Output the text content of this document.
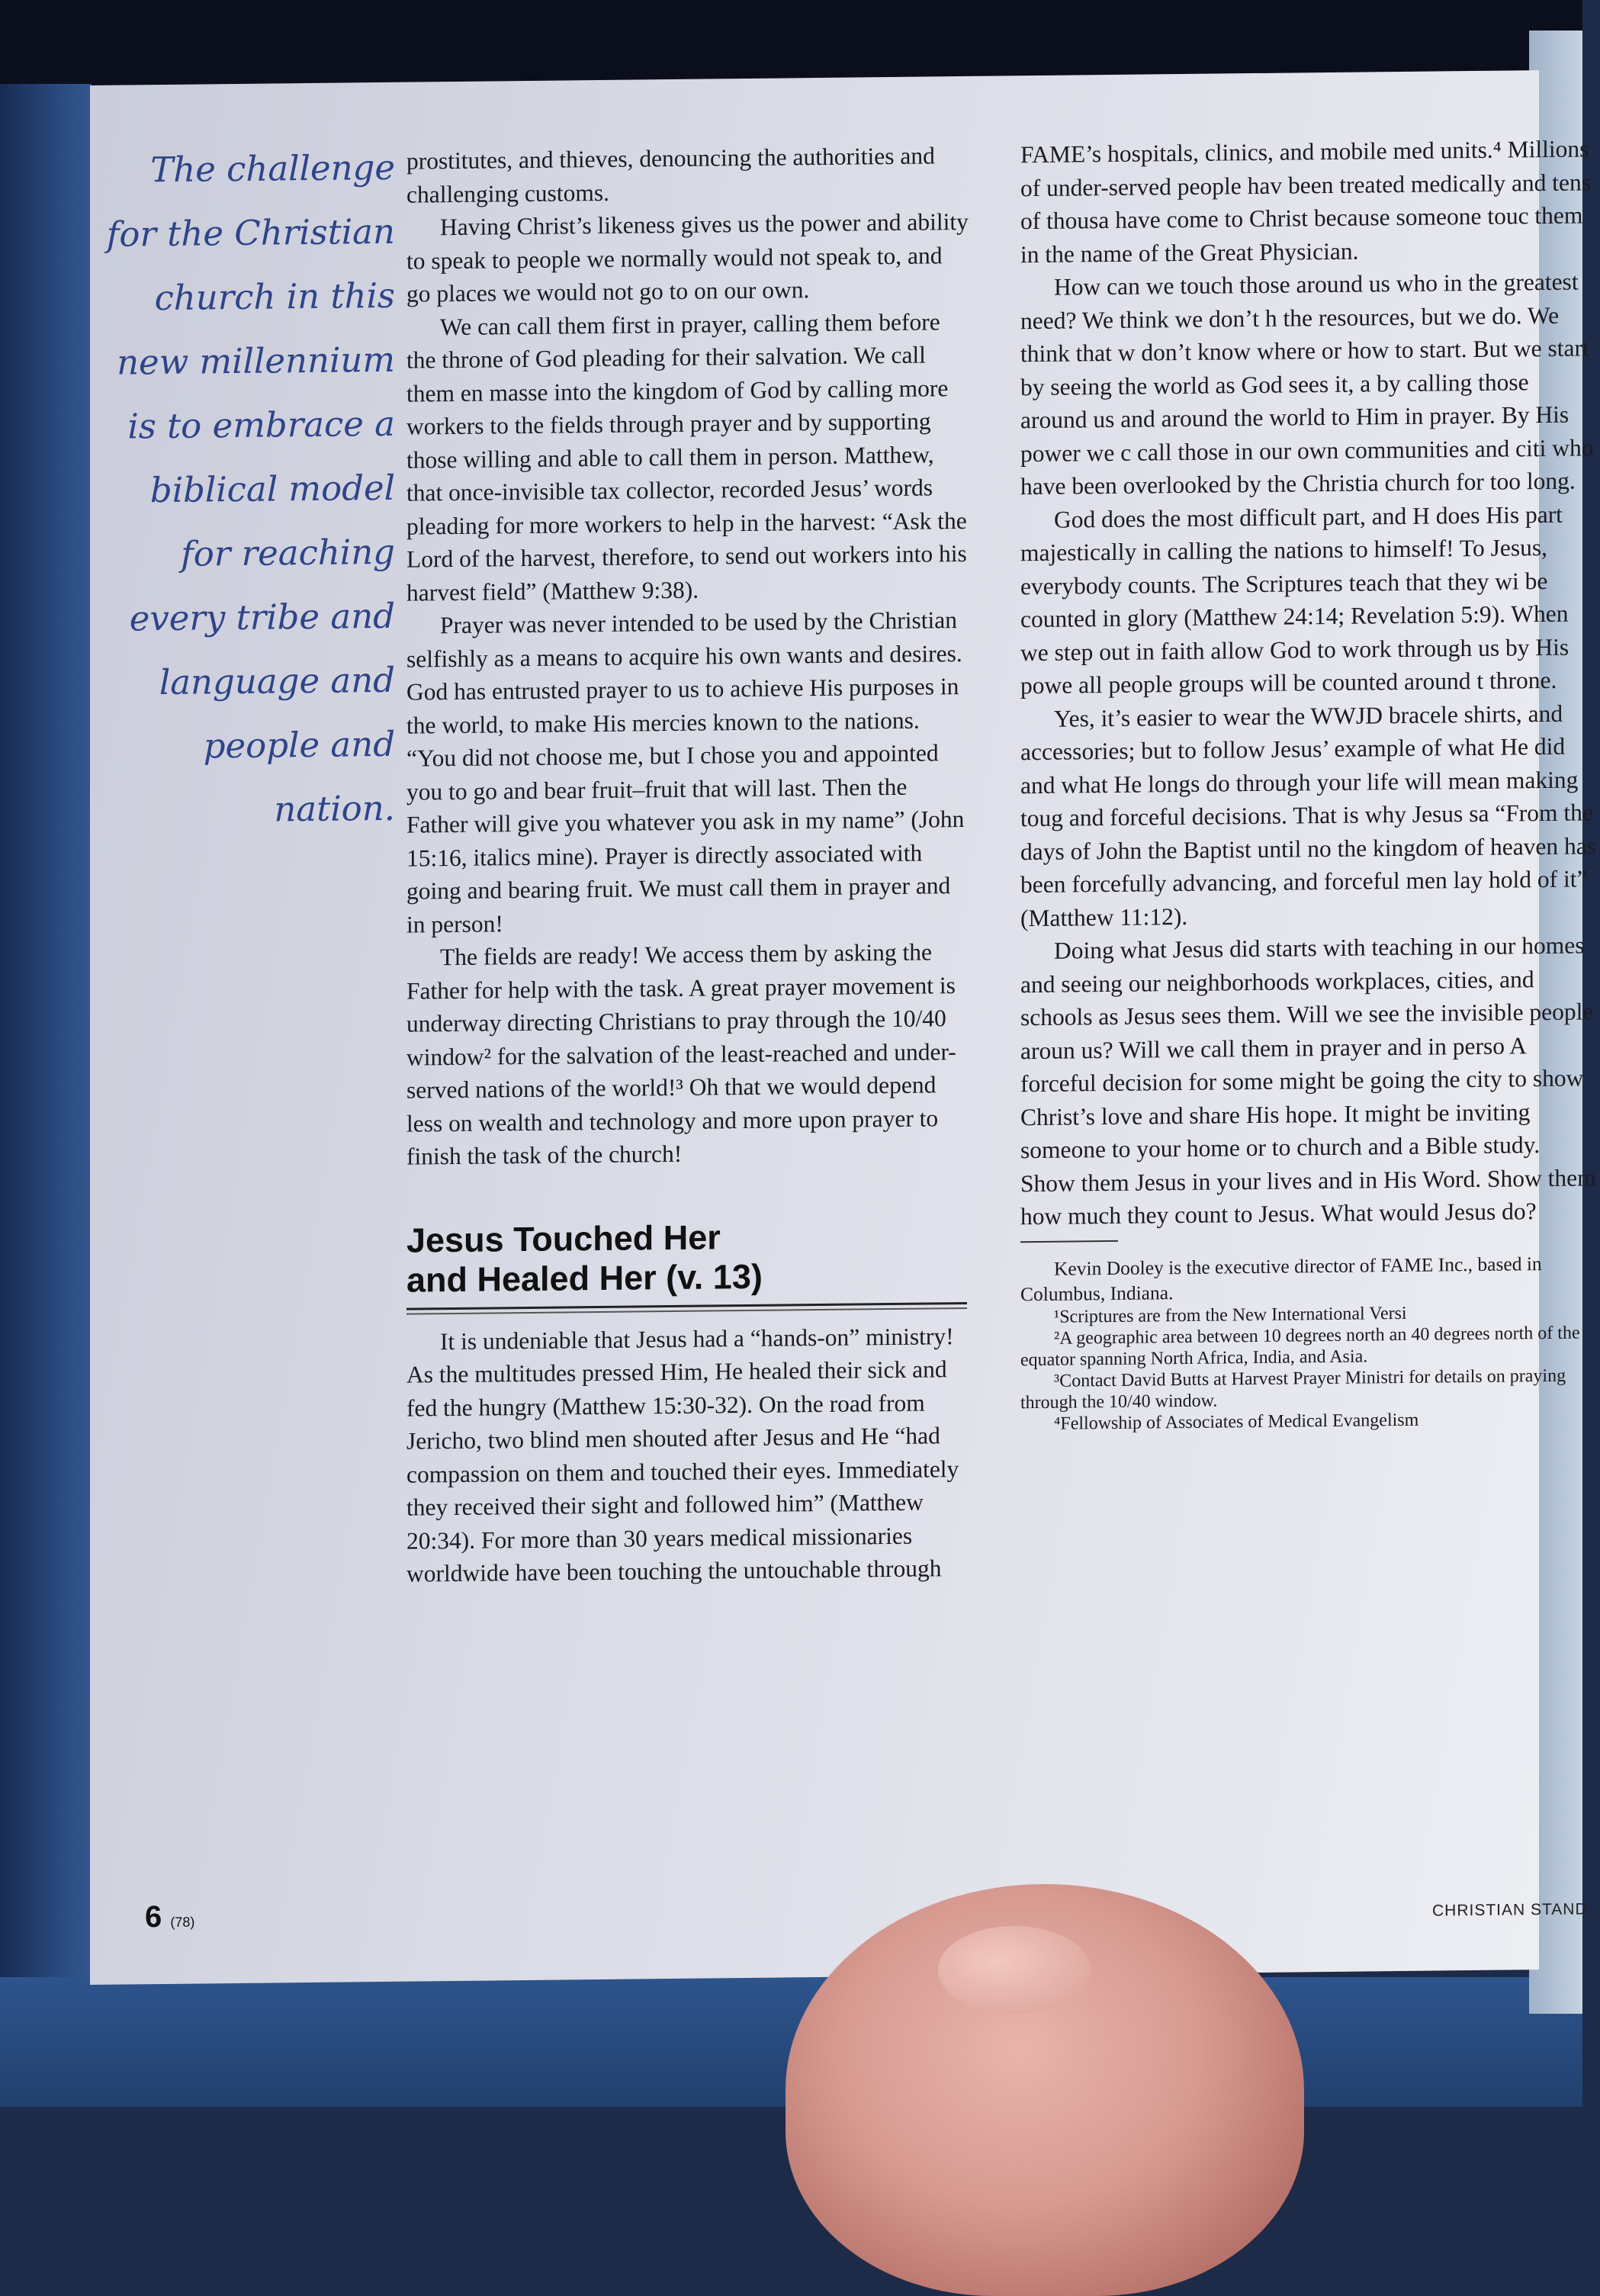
The challenge for the Christian church in this new millennium is to embrace a biblical model for reaching every tribe and language and people and nation.

prostitutes, and thieves, denouncing the authorities and challenging customs.

Having Christ’s likeness gives us the power and ability to speak to people we normally would not speak to, and go places we would not go to on our own.

We can call them first in prayer, calling them before the throne of God pleading for their salvation. We call them en masse into the kingdom of God by calling more workers to the fields through prayer and by supporting those willing and able to call them in person. Matthew, that once-invisible tax collector, recorded Jesus’ words pleading for more workers to help in the harvest: “Ask the Lord of the harvest, therefore, to send out workers into his harvest field” (Matthew 9:38).

Prayer was never intended to be used by the Christian selfishly as a means to acquire his own wants and desires. God has entrusted prayer to us to achieve His purposes in the world, to make His mercies known to the nations. “You did not choose me, but I chose you and appointed you to go and bear fruit–fruit that will last. Then the Father will give you whatever you ask in my name” (John 15:16, italics mine). Prayer is directly associated with going and bearing fruit. We must call them in prayer and in person!

The fields are ready! We access them by asking the Father for help with the task. A great prayer movement is underway directing Christians to pray through the 10/40 window² for the salvation of the least-reached and under-served nations of the world!³ Oh that we would depend less on wealth and technology and more upon prayer to finish the task of the church!

Jesus Touched Her
and Healed Her (v. 13)

It is undeniable that Jesus had a “hands-on” ministry! As the multitudes pressed Him, He healed their sick and fed the hungry (Matthew 15:30-32). On the road from Jericho, two blind men shouted after Jesus and He “had compassion on them and touched their eyes. Immediately they received their sight and followed him” (Matthew 20:34). For more than 30 years medical missionaries worldwide have been touching the untouchable through

FAME’s hospitals, clinics, and mobile med units.⁴ Millions of under-served people hav been treated medically and tens of thousa have come to Christ because someone touc them in the name of the Great Physician.

How can we touch those around us who in the greatest need? We think we don’t h the resources, but we do. We think that w don’t know where or how to start. But we start by seeing the world as God sees it, a by calling those around us and around the world to Him in prayer. By His power we c call those in our own communities and citi who have been overlooked by the Christia church for too long.

God does the most difficult part, and H does His part majestically in calling the nations to himself! To Jesus, everybody counts. The Scriptures teach that they wi be counted in glory (Matthew 24:14; Revelation 5:9). When we step out in faith allow God to work through us by His powe all people groups will be counted around t throne.

Yes, it’s easier to wear the WWJD bracele shirts, and accessories; but to follow Jesus’ example of what He did and what He longs do through your life will mean making toug and forceful decisions. That is why Jesus sa “From the days of John the Baptist until no the kingdom of heaven has been forcefully advancing, and forceful men lay hold of it” (Matthew 11:12).

Doing what Jesus did starts with teaching in our homes and seeing our neighborhoods workplaces, cities, and schools as Jesus sees them. Will we see the invisible people aroun us? Will we call them in prayer and in perso A forceful decision for some might be going the city to show Christ’s love and share His hope. It might be inviting someone to your home or to church and a Bible study. Show them Jesus in your lives and in His Word. Show them how much they count to Jesus. What would Jesus do?

Kevin Dooley is the executive director of FAME Inc., based in Columbus, Indiana.

¹Scriptures are from the New International Versi

²A geographic area between 10 degrees north an 40 degrees north of the equator spanning North Africa, India, and Asia.

³Contact David Butts at Harvest Prayer Ministri for details on praying through the 10/40 window.

⁴Fellowship of Associates of Medical Evangelism

6 (78)
CHRISTIAN STAND
